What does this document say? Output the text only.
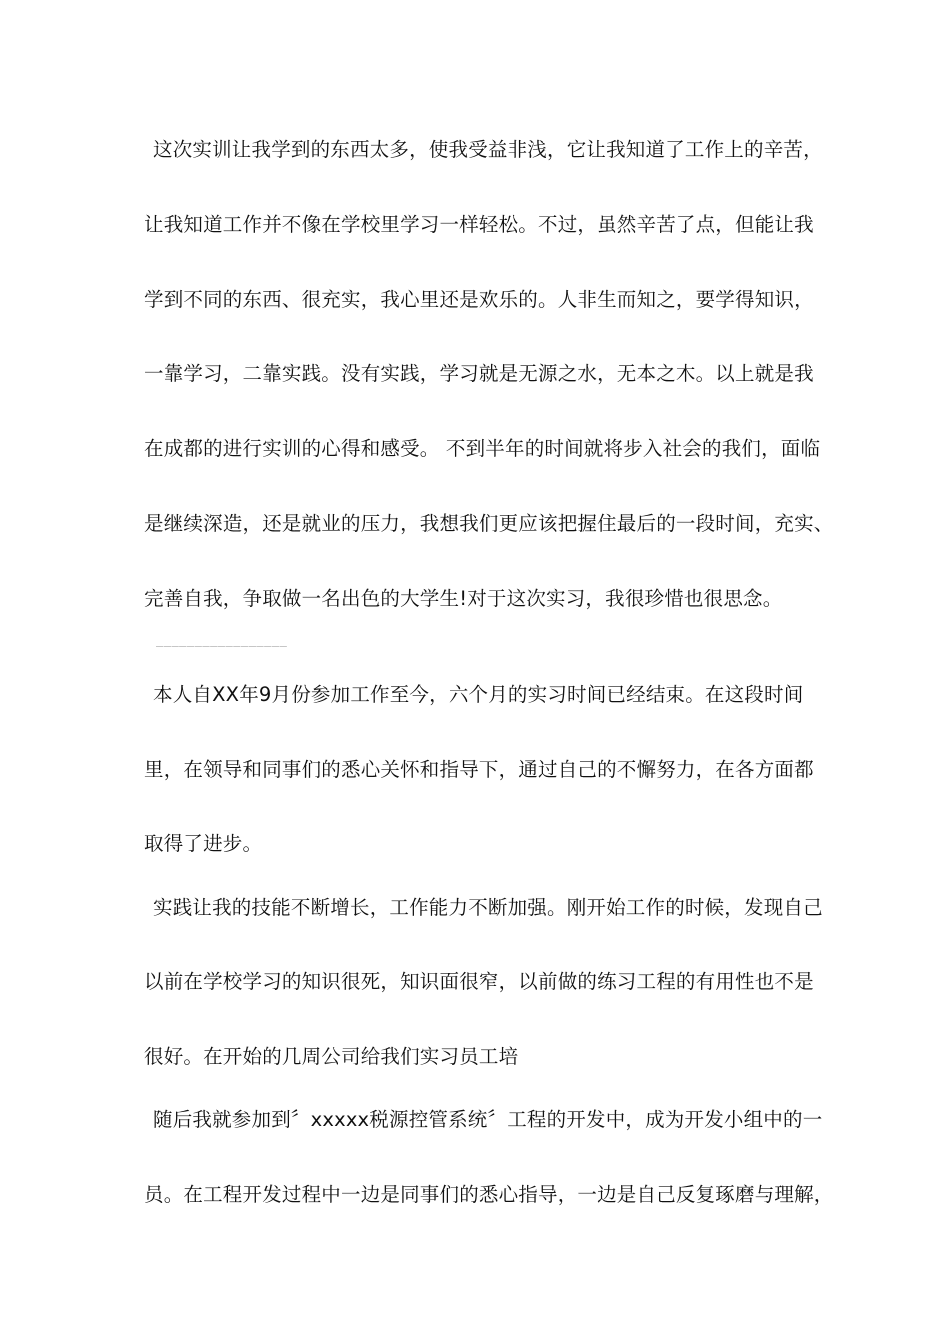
这次实训让我学到的东西太多，使我受益非浅，它让我知道了工作上的辛苦，
让我知道工作并不像在学校里学习一样轻松。不过，虽然辛苦了点，但能让我
学到不同的东西、很充实，我心里还是欢乐的。人非生而知之，要学得知识，
一靠学习，二靠实践。没有实践，学习就是无源之水，无本之木。以上就是我
在成都的进行实训的心得和感受。 不到半年的时间就将步入社会的我们，面临
是继续深造，还是就业的压力，我想我们更应该把握住最后的一段时间，充实、
完善自我，争取做一名出色的大学生!对于这次实习，我很珍惜也很思念。
_________________
本人自XX年9月份参加工作至今，六个月的实习时间已经结束。在这段时间
里，在领导和同事们的悉心关怀和指导下，通过自己的不懈努力，在各方面都
取得了进步。
实践让我的技能不断增长，工作能力不断加强。刚开始工作的时候，发现自己
以前在学校学习的知识很死，知识面很窄，以前做的练习工程的有用性也不是
很好。在开始的几周公司给我们实习员工培
随后我就参加到〞xxxxx税源控管系统〞工程的开发中，成为开发小组中的一
员。在工程开发过程中一边是同事们的悉心指导，一边是自己反复琢磨与理解，
